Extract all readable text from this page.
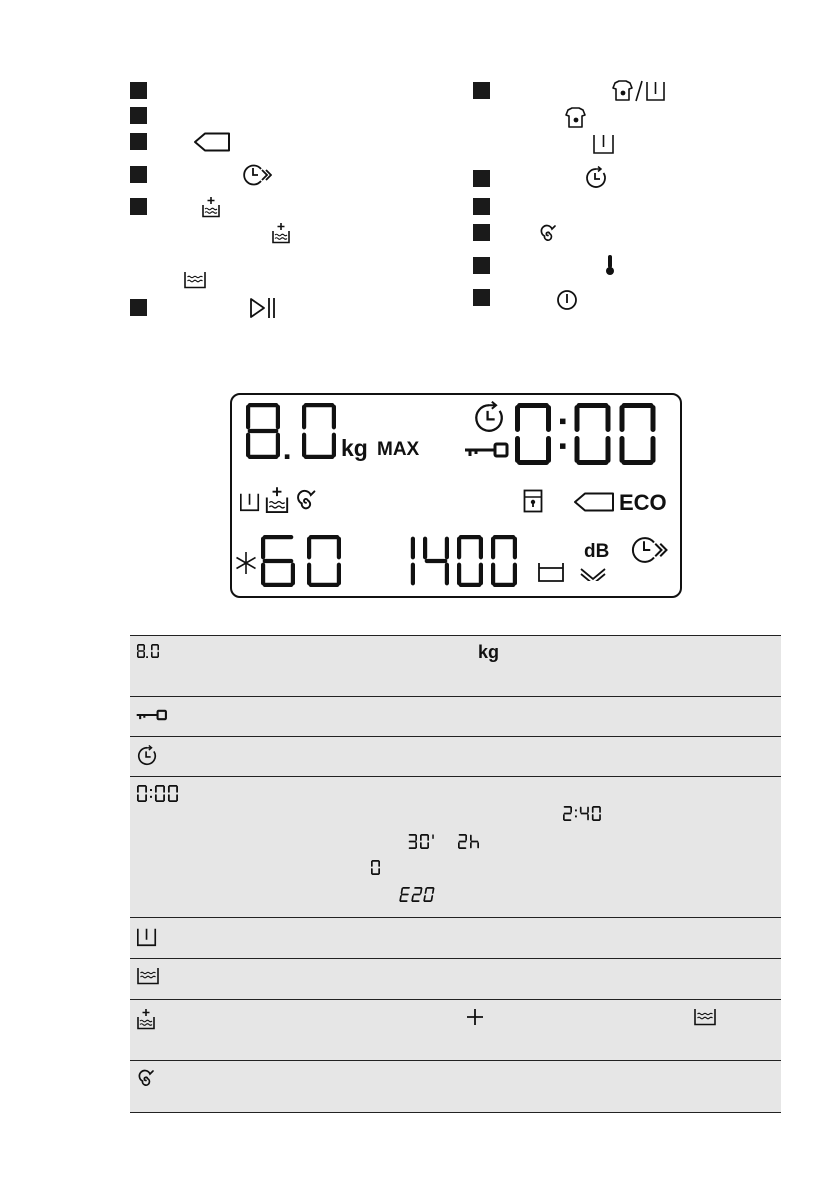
kg MAX
ECO
dB
kg
